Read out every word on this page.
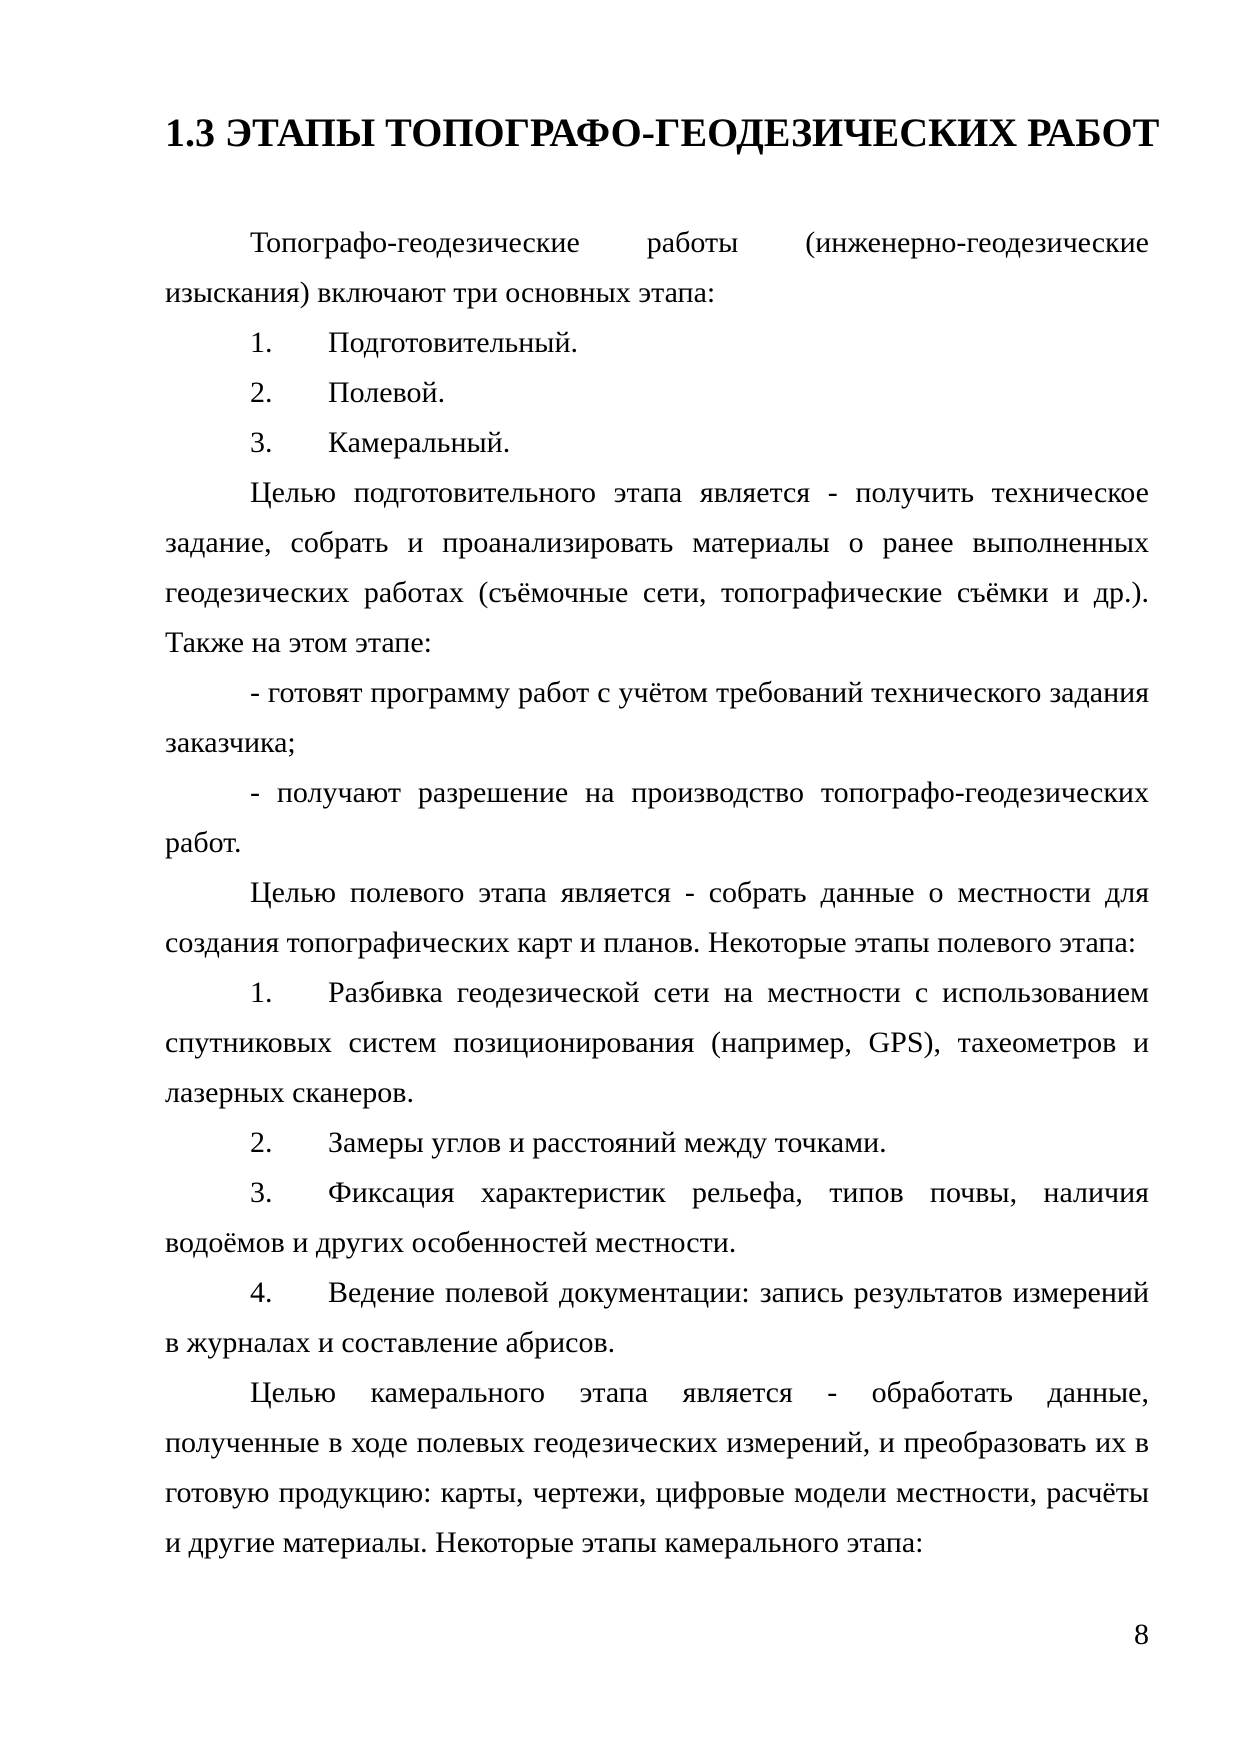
1.3 ЭТАПЫ ТОПОГРАФО-ГЕОДЕЗИЧЕСКИХ РАБОТ

Топографо-геодезические работы (инженерно-геодезические изыскания) включают три основных этапа:

1. Подготовительный.

2. Полевой.

3. Камеральный.

Целью подготовительного этапа является - получить техническое задание, собрать и проанализировать материалы о ранее выполненных геодезических работах (съёмочные сети, топографические съёмки и др.). Также на этом этапе:

- готовят программу работ с учётом требований технического задания заказчика;

- получают разрешение на производство топографо-геодезических работ.

Целью полевого этапа является - собрать данные о местности для создания топографических карт и планов. Некоторые этапы полевого этапа:

1. Разбивка геодезической сети на местности с использованием спутниковых систем позиционирования (например, GPS), тахеометров и лазерных сканеров.

2. Замеры углов и расстояний между точками.

3. Фиксация характеристик рельефа, типов почвы, наличия водоёмов и других особенностей местности.

4. Ведение полевой документации: запись результатов измерений в журналах и составление абрисов.

Целью камерального этапа является - обработать данные, полученные в ходе полевых геодезических измерений, и преобразовать их в готовую продукцию: карты, чертежи, цифровые модели местности, расчёты и другие материалы. Некоторые этапы камерального этапа:

8
